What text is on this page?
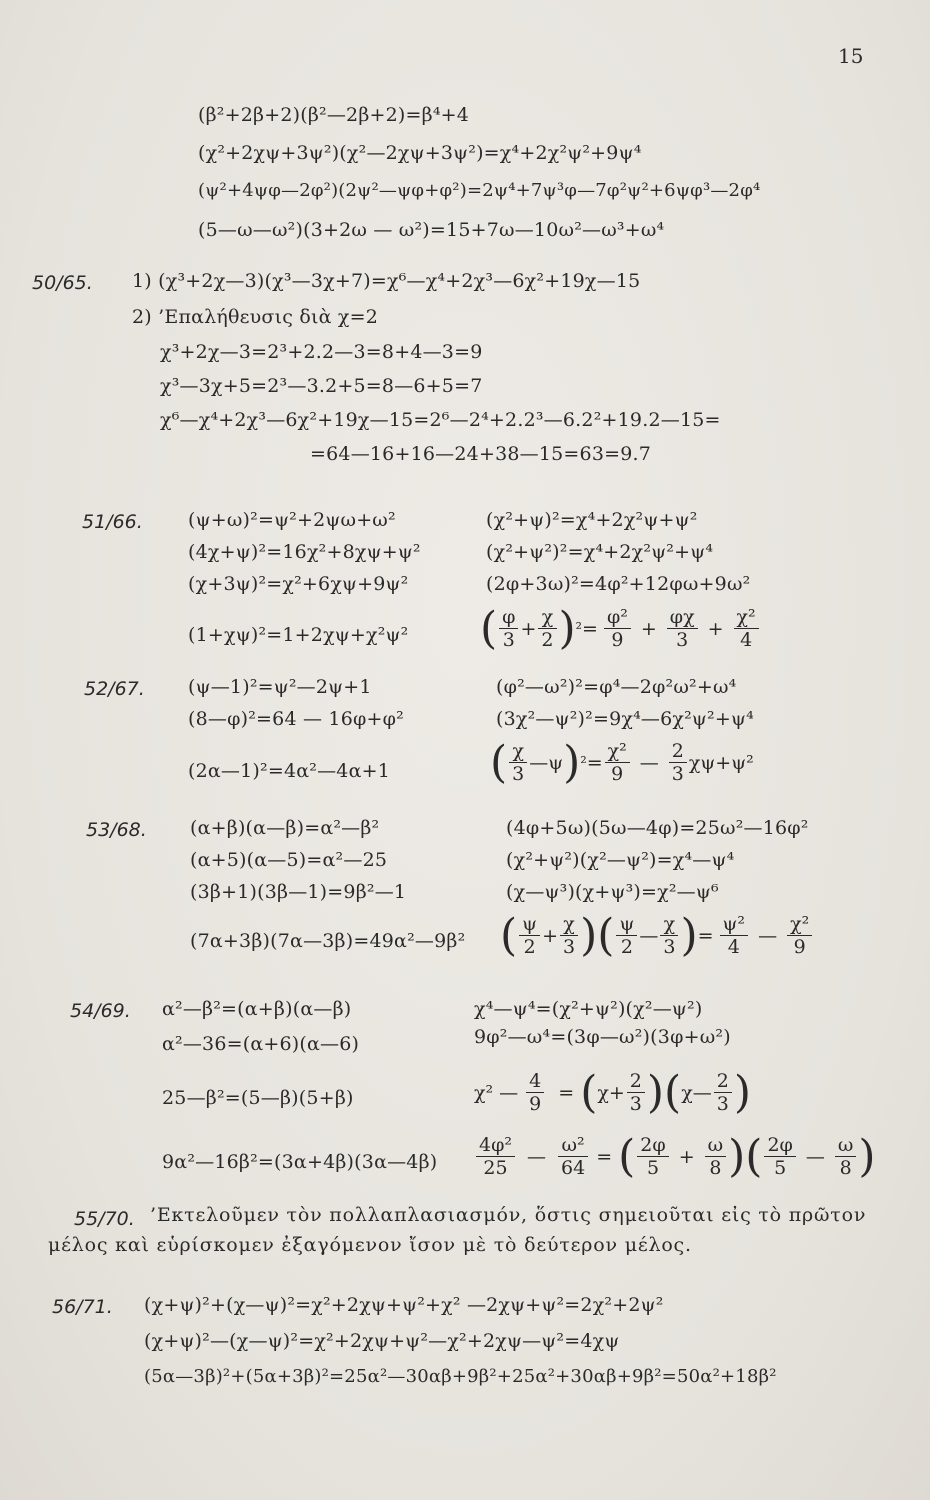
15
(β²+2β+2)(β²—2β+2)=β⁴+4
(χ²+2χψ+3ψ²)(χ²—2χψ+3ψ²)=χ⁴+2χ²ψ²+9ψ⁴
(ψ²+4ψφ—2φ²)(2ψ²—ψφ+φ²)=2ψ⁴+7ψ³φ—7φ²ψ²+6ψφ³—2φ⁴
(5—ω—ω²)(3+2ω — ω²)=15+7ω—10ω²—ω³+ω⁴
50/65. 1) (χ³+2χ—3)(χ³—3χ+7)=χ⁶—χ⁴+2χ³—6χ²+19χ—15
2) ’Επαλήθευσις διὰ χ=2
χ³+2χ—3=2³+2.2—3=8+4—3=9
χ³—3χ+5=2³—3.2+5=8—6+5=7
χ⁶—χ⁴+2χ³—6χ²+19χ—15=2⁶—2⁴+2.2³—6.2²+19.2—15=
=64—16+16—24+38—15=63=9.7
51/66. (ψ+ω)²=ψ²+2ψω+ω²
(4χ+ψ)²=16χ²+8χψ+ψ²
(χ+3ψ)²=χ²+6χψ+9ψ²
(1+χψ)²=1+2χψ+χ²ψ²
(χ²+ψ)²=χ⁴+2χ²ψ+ψ²
(χ²+ψ²)²=χ⁴+2χ²ψ²+ψ⁴
(2φ+3ω)²=4φ²+12φω+9ω²
( $\frac{\varphi}{3} + \frac{\chi}{2}$ ) $^2 = \frac{\text{φ²}}{9} + \frac{\varphi\chi}{3} + \frac{\text{χ²}}{4}$
52/67. (ψ—1)²=ψ²—2ψ+1
(8—φ)²=64 — 16φ+φ²
(2α—1)²=4α²—4α+1
(φ²—ω²)²=φ⁴—2φ²ω²+ω⁴
(3χ²—ψ²)²=9χ⁴—6χ²ψ²+ψ⁴
( $\frac{\chi}{3}$ —ψ ) $^2 = \frac{\text{χ²}}{9}$ — $\frac{2}{3} \chi\psi+\psi^2$
53/68. (α+β)(α—β)=α²—β²
(α+5)(α—5)=α²—25
(3β+1)(3β—1)=9β²—1
(7α+3β)(7α—3β)=49α²—9β²
(4φ+5ω)(5ω—4φ)=25ω²—16φ²
(χ²+ψ²)(χ²—ψ²)=χ⁴—ψ⁴
(χ—ψ³)(χ+ψ³)=χ²—ψ⁶
( $\frac{\psi}{2} + \frac{\chi}{3}$ )( $\frac{\psi}{2}$ — $\frac{\chi}{3}$ ) = $\frac{\text{ψ²}}{4}$ — $\frac{\text{χ²}}{9}$
54/69. α²—β²=(α+β)(α—β)
α²—36=(α+6)(α—6)
25—β²=(5—β)(5+β)
9α²—16β²=(3α+4β)(3α—4β)
χ⁴—ψ⁴=(χ²+ψ²)(χ²—ψ²)
9φ²—ω⁴=(3φ—ω²)(3φ+ω²)
χ² — $\frac{4}{9}$ = ( $\chi+ \frac{2}{3}$ )( χ— $\frac{2}{3}$ )
$\frac{\text{4φ²}}{25}$ — $\frac{\text{ω²}}{64}$ = ( $\frac{2\varphi}{5} + \frac{\omega}{8}$ )( $\frac{2\varphi}{5}$ — $\frac{\omega}{8}$ )
55/70. ’Εκτελοῦμεν τὸν πολλαπλασιασμόν, ὅστις σημειοῦται εἰς τὸ πρῶτον
μέλος καὶ εὑρίσκομεν ἐξαγόμενον ἴσον μὲ τὸ δεύτερον μέλος.
56/71. (χ+ψ)²+(χ—ψ)²=χ²+2χψ+ψ²+χ² —2χψ+ψ²=2χ²+2ψ²
(χ+ψ)²—(χ—ψ)²=χ²+2χψ+ψ²—χ²+2χψ—ψ²=4χψ
(5α—3β)²+(5α+3β)²=25α²—30αβ+9β²+25α²+30αβ+9β²=50α²+18β²
